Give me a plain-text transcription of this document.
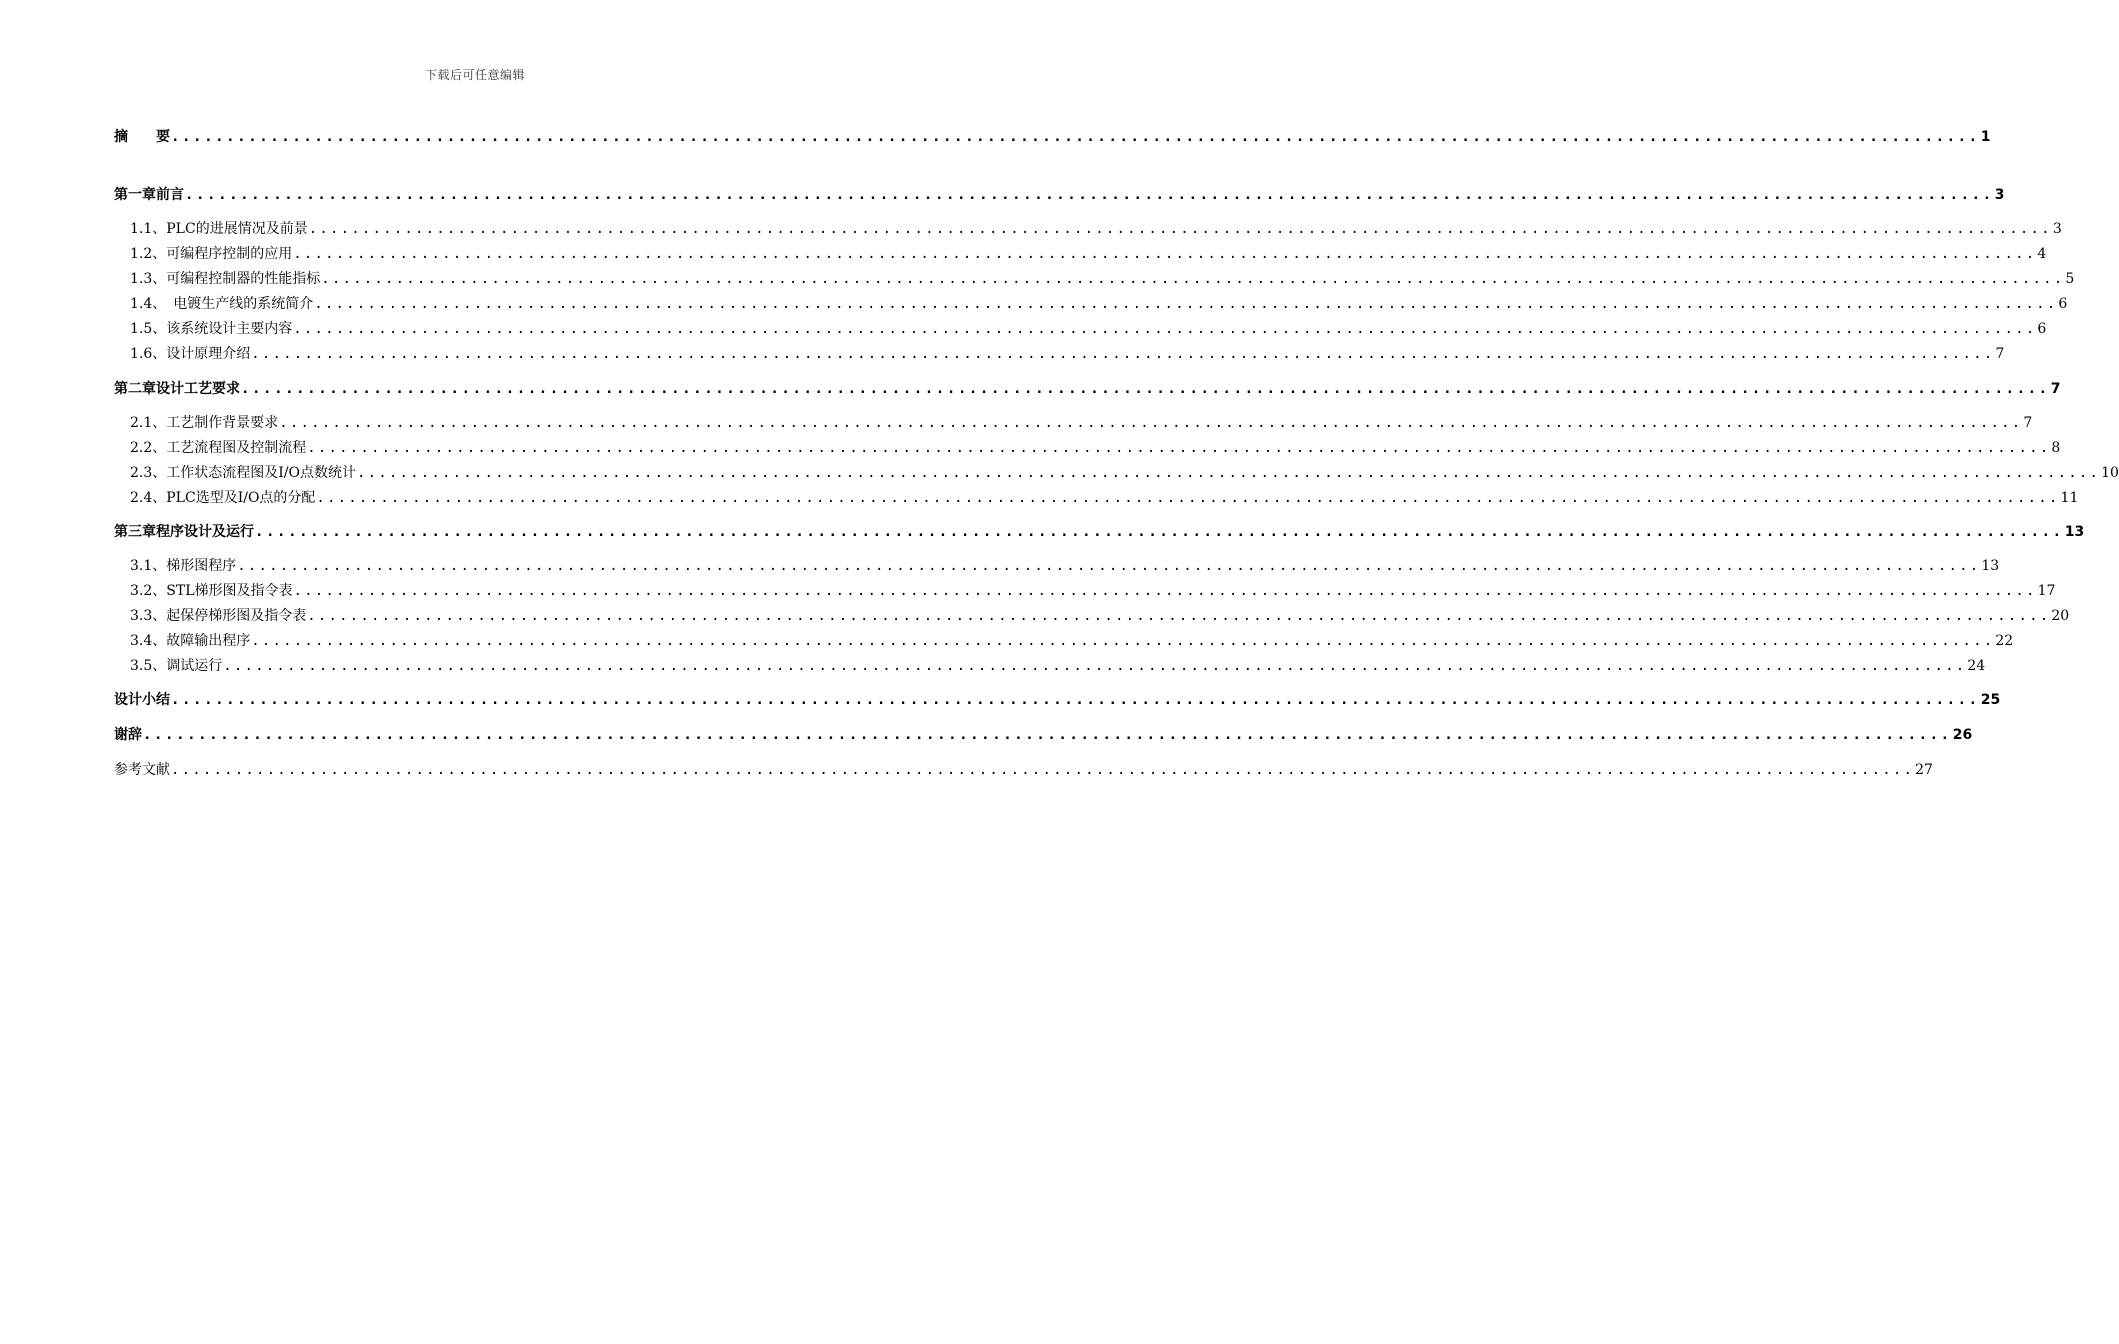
下载后可任意编辑
摘　　要 .................................................................................................................................................................... 1
第一章前言 .................................................................................................................................................................... 3
1.1、PLC的进展情况及前景 .................................................................................................................................................................... 3
1.2、可编程序控制的应用 .................................................................................................................................................................... 4
1.3、可编程控制器的性能指标 .................................................................................................................................................................... 5
1.4、　电镀生产线的系统简介 .................................................................................................................................................................... 6
1.5、该系统设计主要内容 .................................................................................................................................................................... 6
1.6、设计原理介绍 .................................................................................................................................................................... 7
第二章设计工艺要求 .................................................................................................................................................................... 7
2.1、工艺制作背景要求 .................................................................................................................................................................... 7
2.2、工艺流程图及控制流程 .................................................................................................................................................................... 8
2.3、工作状态流程图及I/O点数统计 .................................................................................................................................................................... 10
2.4、PLC选型及I/O点的分配 .................................................................................................................................................................... 11
第三章程序设计及运行 .................................................................................................................................................................... 13
3.1、梯形图程序 .................................................................................................................................................................... 13
3.2、STL梯形图及指令表 .................................................................................................................................................................... 17
3.3、起保停梯形图及指令表 .................................................................................................................................................................... 20
3.4、故障输出程序 .................................................................................................................................................................... 22
3.5、调试运行 .................................................................................................................................................................... 24
设计小结 .................................................................................................................................................................... 25
谢辞 .................................................................................................................................................................... 26
参考文献 .................................................................................................................................................................... 27
